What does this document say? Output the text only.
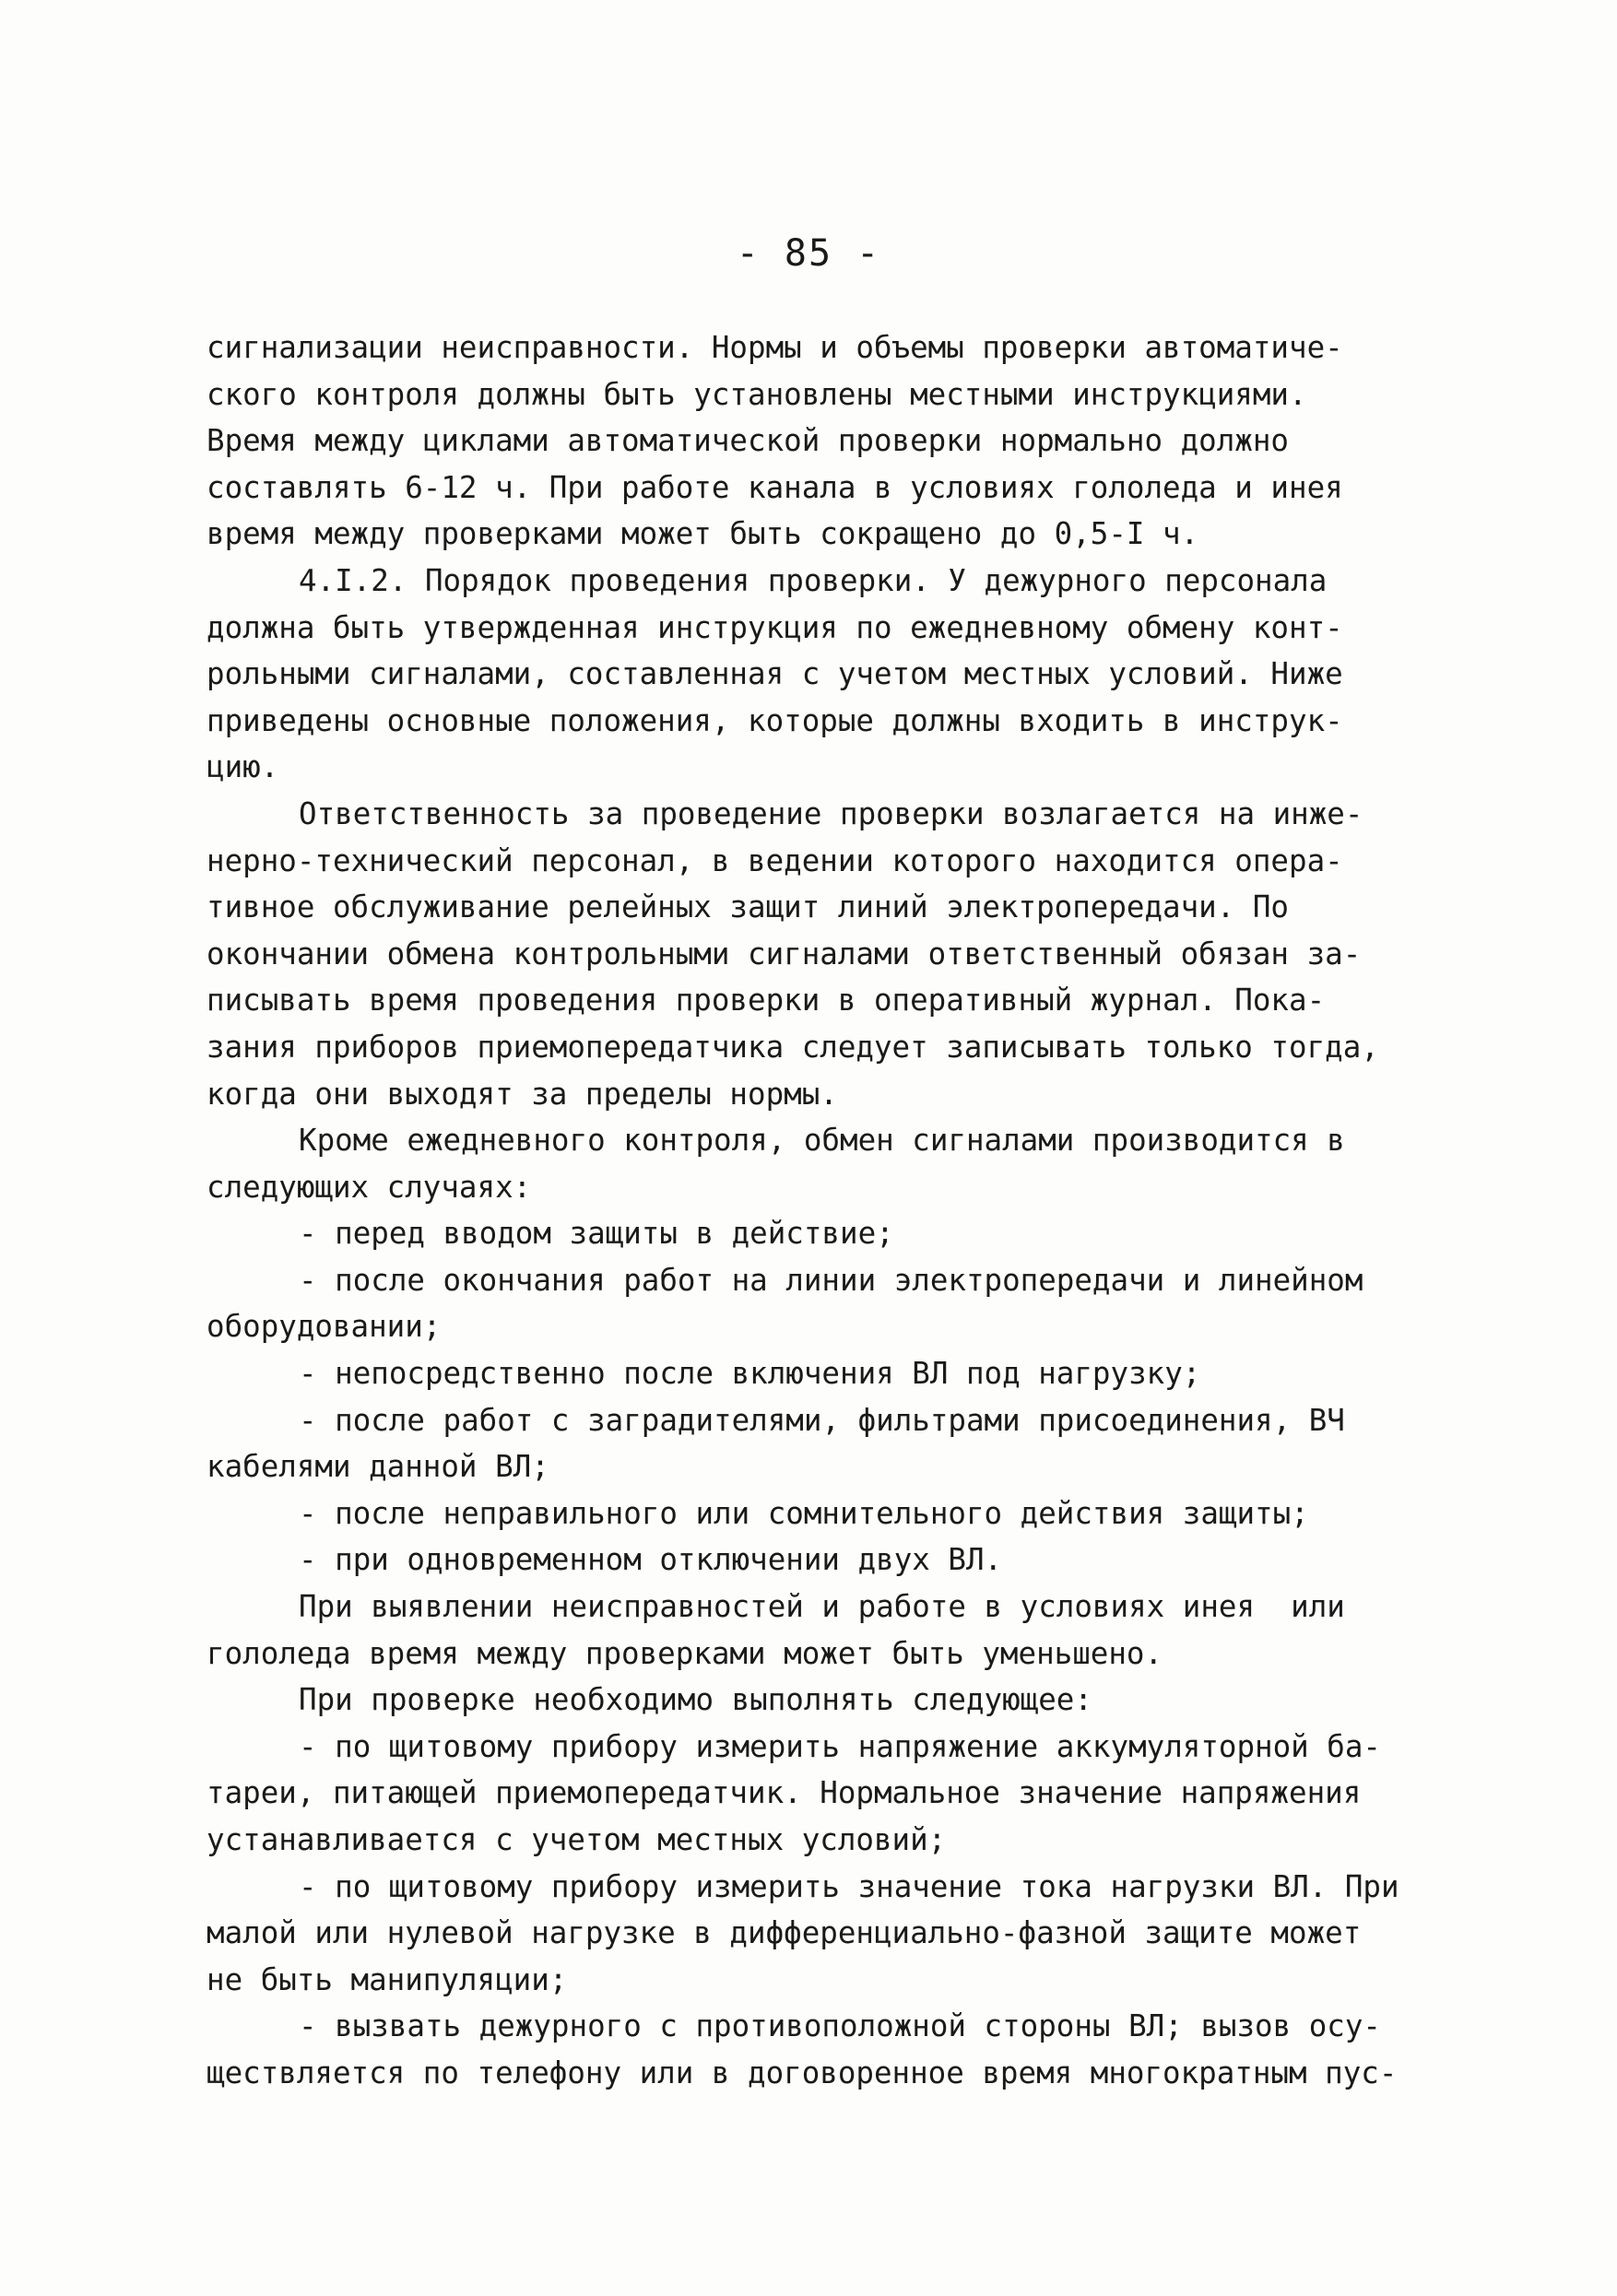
- 85 -
сигнализации неисправности. Нормы и объемы проверки автоматиче-
ского контроля должны быть установлены местными инструкциями.
Время между циклами автоматической проверки нормально должно
составлять 6-12 ч. При работе канала в условиях гололеда и инея
время между проверками может быть сокращено до 0,5-I ч.
4.I.2. Порядок проведения проверки. У дежурного персонала
должна быть утвержденная инструкция по ежедневному обмену конт-
рольными сигналами, составленная с учетом местных условий. Ниже
приведены основные положения, которые должны входить в инструк-
цию.
Ответственность за проведение проверки возлагается на инже-
нерно-технический персонал, в ведении которого находится опера-
тивное обслуживание релейных защит линий электропередачи. По
окончании обмена контрольными сигналами ответственный обязан за-
писывать время проведения проверки в оперативный журнал. Пока-
зания приборов приемопередатчика следует записывать только тогда,
когда они выходят за пределы нормы.
Кроме ежедневного контроля, обмен сигналами производится в
следующих случаях:
- перед вводом защиты в действие;
- после окончания работ на линии электропередачи и линейном
оборудовании;
- непосредственно после включения ВЛ под нагрузку;
- после работ с заградителями, фильтрами присоединения, ВЧ
кабелями данной ВЛ;
- после неправильного или сомнительного действия защиты;
- при одновременном отключении двух ВЛ.
При выявлении неисправностей и работе в условиях инея  или
гололеда время между проверками может быть уменьшено.
При проверке необходимо выполнять следующее:
- по щитовому прибору измерить напряжение аккумуляторной ба-
тареи, питающей приемопередатчик. Нормальное значение напряжения
устанавливается с учетом местных условий;
- по щитовому прибору измерить значение тока нагрузки ВЛ. При
малой или нулевой нагрузке в дифференциально-фазной защите может
не быть манипуляции;
- вызвать дежурного с противоположной стороны ВЛ; вызов осу-
ществляется по телефону или в договоренное время многократным пус-
